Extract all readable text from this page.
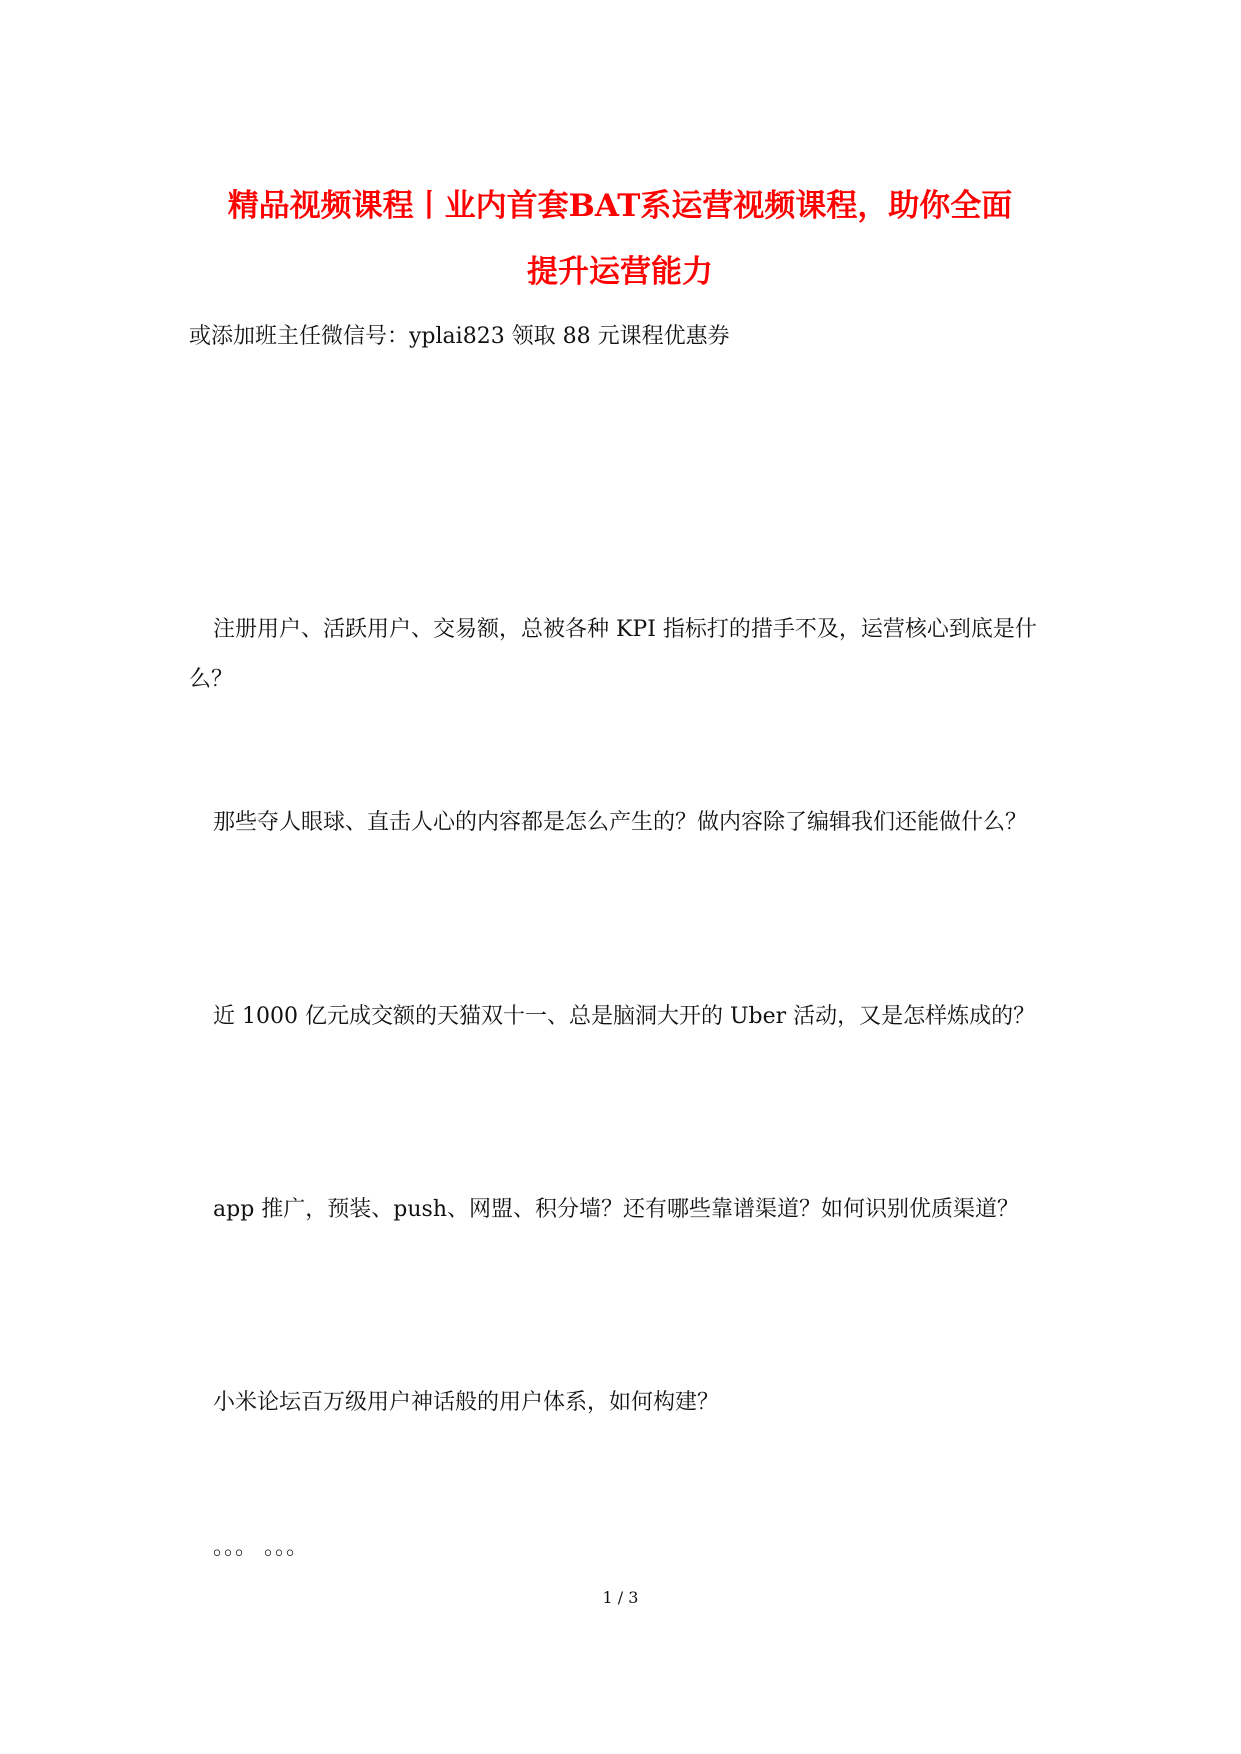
精品视频课程丨业内首套BAT系运营视频课程，助你全面
提升运营能力
或添加班主任微信号：yplai823 领取 88 元课程优惠券
注册用户、活跃用户、交易额，总被各种 KPI 指标打的措手不及，运营核心到底是什么？
那些夺人眼球、直击人心的内容都是怎么产生的？做内容除了编辑我们还能做什么？
近 1000 亿元成交额的天猫双十一、总是脑洞大开的 Uber 活动，又是怎样炼成的？
app 推广，预装、push、网盟、积分墙？还有哪些靠谱渠道？如何识别优质渠道？
小米论坛百万级用户神话般的用户体系，如何构建？
。。。 。。。
1 / 3
